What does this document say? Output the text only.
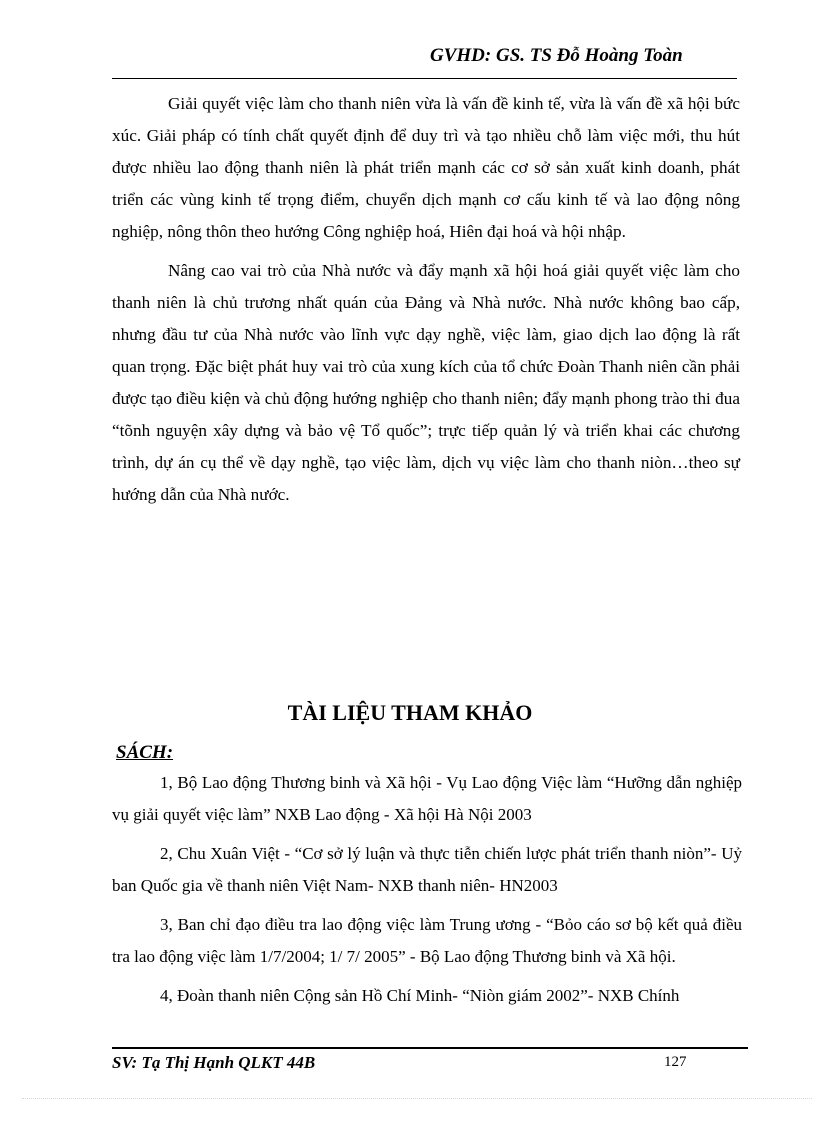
GVHD: GS. TS Đỗ Hoàng Toàn

Giải quyết việc làm cho thanh niên vừa là vấn đề kinh tế, vừa là vấn đề xã hội bức xúc. Giải pháp có tính chất quyết định để duy trì và tạo nhiều chỗ làm việc mới, thu hút được nhiều lao động thanh niên là phát triển mạnh các cơ sở sản xuất kinh doanh, phát triển các vùng kinh tế trọng điểm, chuyển dịch mạnh cơ cấu kinh tế và lao động nông nghiệp, nông thôn theo hướng Công nghiệp hoá, Hiên đại hoá và hội nhập.

Nâng cao vai trò của Nhà nước và đẩy mạnh xã hội hoá giải quyết việc làm cho thanh niên là chủ trương nhất quán của Đảng và Nhà nước. Nhà nước không bao cấp, nhưng đầu tư của Nhà nước vào lĩnh vực dạy nghề, việc làm, giao dịch lao động là rất quan trọng. Đặc biệt phát huy vai trò của xung kích của tổ chức Đoàn Thanh niên cần phải được tạo điều kiện và chủ động hướng nghiệp cho thanh niên; đẩy mạnh phong trào thi đua “tõnh nguyện xây dựng và bảo vệ Tổ quốc”; trực tiếp quản lý và triển khai các chương trình, dự án cụ thể về dạy nghề, tạo việc làm, dịch vụ việc làm cho thanh niòn…theo sự hướng dẫn của Nhà nước.

TÀI LIỆU THAM KHẢO
SÁCH:

1, Bộ Lao động Thương binh và Xã hội - Vụ Lao động Việc làm “Hưỡng dẫn nghiệp vụ giải quyết việc làm” NXB Lao động - Xã hội Hà Nội 2003

2, Chu Xuân Việt - “Cơ sở lý luận và thực tiễn chiến lược phát triển thanh niòn”- Uỷ ban Quốc gia về thanh niên Việt Nam- NXB thanh niên- HN2003

3, Ban chỉ đạo điều tra lao động việc làm Trung ương - “Bỏo cáo sơ bộ kết quả điều tra lao động việc làm 1/7/2004; 1/ 7/ 2005” - Bộ Lao động Thương binh và Xã hội.

4, Đoàn thanh niên Cộng sản Hồ Chí Minh- “Niòn giám 2002”- NXB Chính

SV: Tạ Thị Hạnh QLKT 44B	127
